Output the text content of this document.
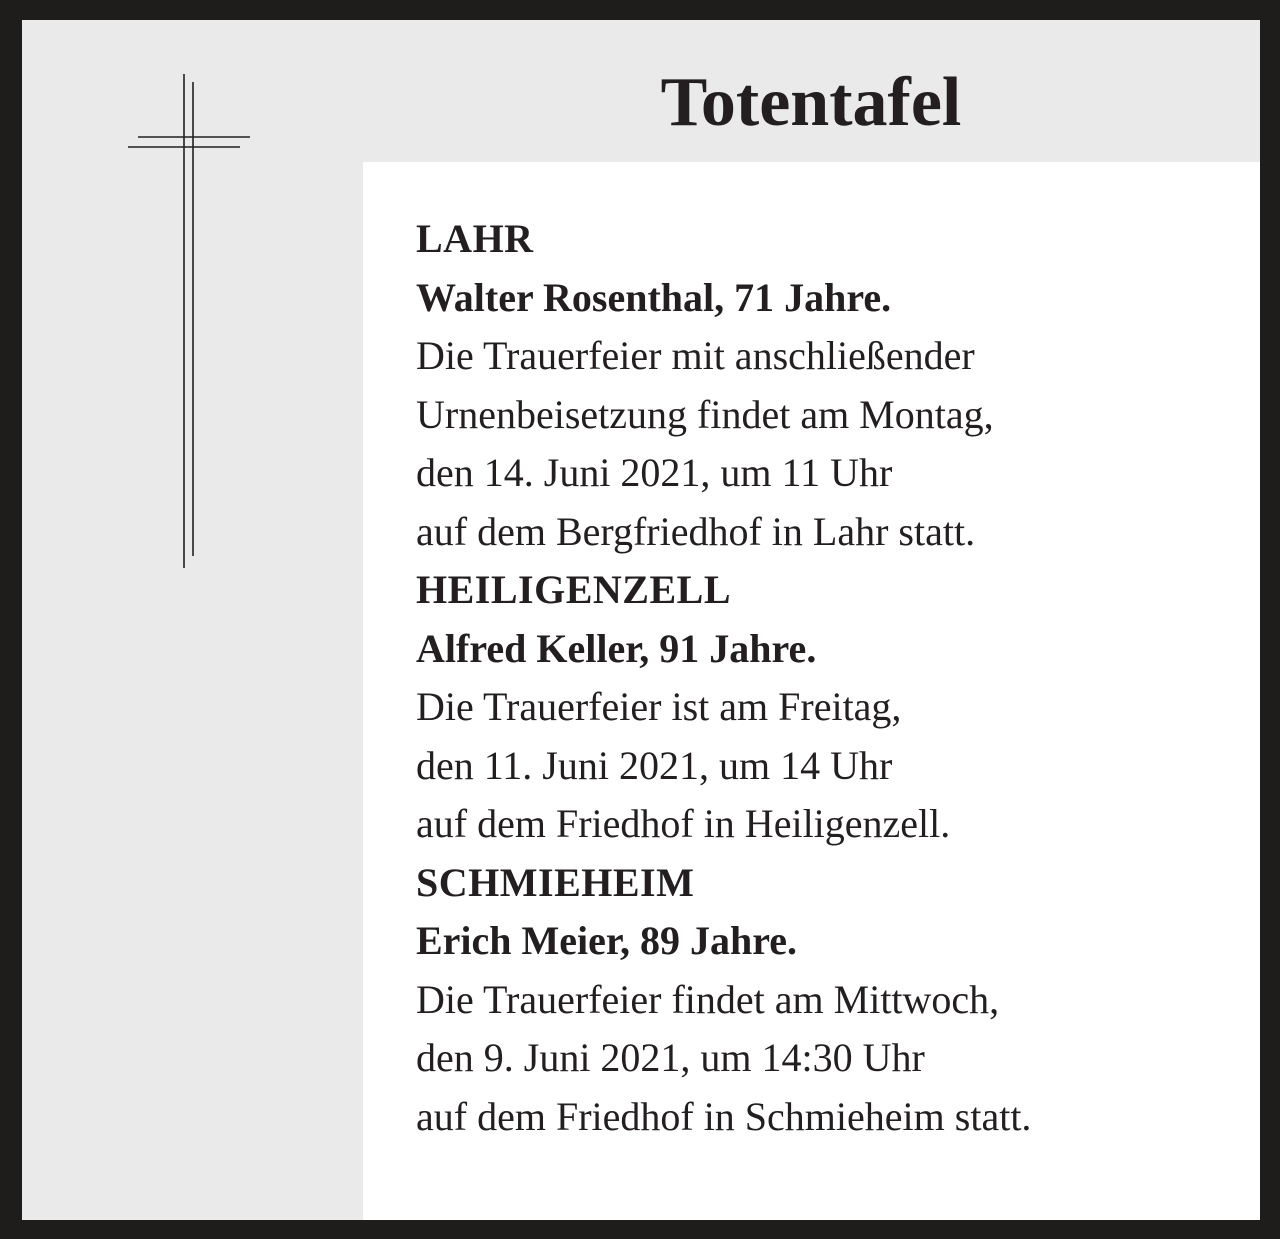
Totentafel
LAHR
Walter Rosenthal, 71 Jahre.
Die Trauerfeier mit anschließender
Urnenbeisetzung findet am Montag,
den 14. Juni 2021, um 11 Uhr
auf dem Bergfriedhof in Lahr statt.
HEILIGENZELL
Alfred Keller, 91 Jahre.
Die Trauerfeier ist am Freitag,
den 11. Juni 2021, um 14 Uhr
auf dem Friedhof in Heiligenzell.
SCHMIEHEIM
Erich Meier, 89 Jahre.
Die Trauerfeier findet am Mittwoch,
den 9. Juni 2021, um 14:30 Uhr
auf dem Friedhof in Schmieheim statt.
